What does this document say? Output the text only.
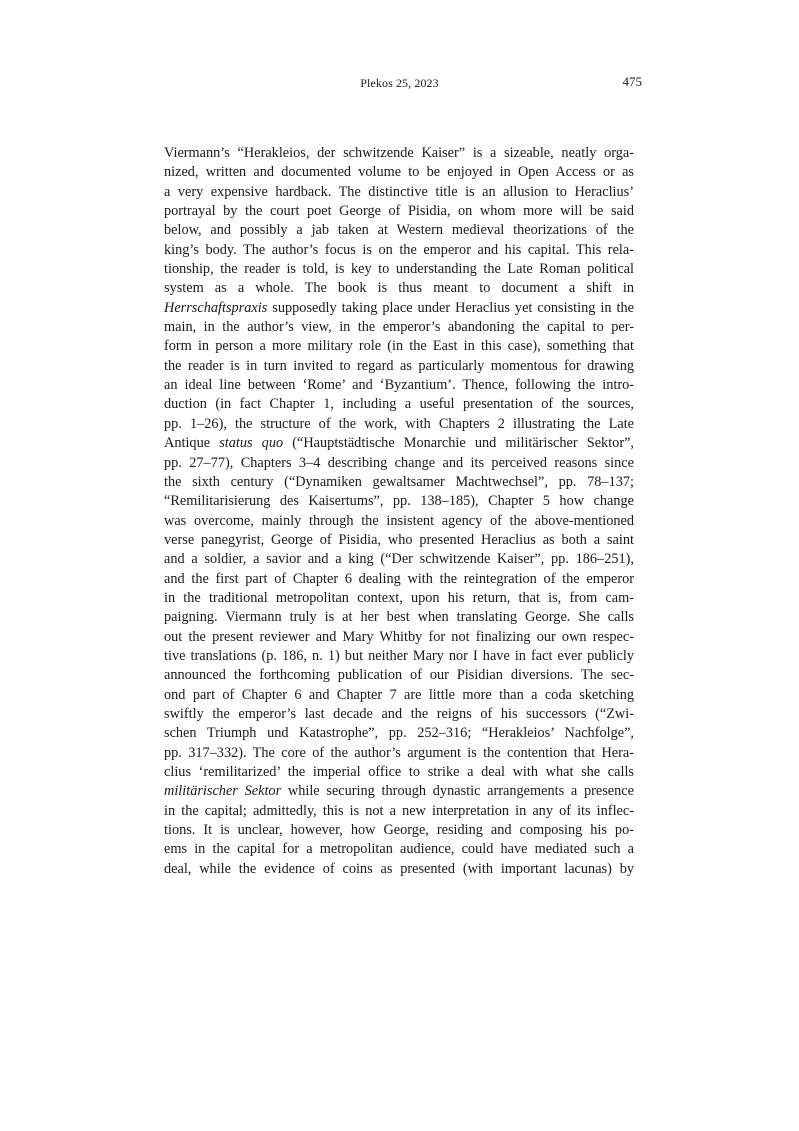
Plekos 25, 2023	475
Viermann’s “Herakleios, der schwitzende Kaiser” is a sizeable, neatly orga-
nized, written and documented volume to be enjoyed in Open Access or as
a very expensive hardback. The distinctive title is an allusion to Heraclius’
portrayal by the court poet George of Pisidia, on whom more will be said
below, and possibly a jab taken at Western medieval theorizations of the
king’s body. The author’s focus is on the emperor and his capital. This rela-
tionship, the reader is told, is key to understanding the Late Roman political
system as a whole. The book is thus meant to document a shift in
Herrschaftspraxis supposedly taking place under Heraclius yet consisting in the
main, in the author’s view, in the emperor’s abandoning the capital to per-
form in person a more military role (in the East in this case), something that
the reader is in turn invited to regard as particularly momentous for drawing
an ideal line between ‘Rome’ and ‘Byzantium’. Thence, following the intro-
duction (in fact Chapter 1, including a useful presentation of the sources,
pp. 1–26), the structure of the work, with Chapters 2 illustrating the Late
Antique status quo (“Hauptstädtische Monarchie und militärischer Sektor”,
pp. 27–77), Chapters 3–4 describing change and its perceived reasons since
the sixth century (“Dynamiken gewaltsamer Machtwechsel”, pp. 78–137;
“Remilitarisierung des Kaisertums”, pp. 138–185), Chapter 5 how change
was overcome, mainly through the insistent agency of the above-mentioned
verse panegyrist, George of Pisidia, who presented Heraclius as both a saint
and a soldier, a savior and a king (“Der schwitzende Kaiser”, pp. 186–251),
and the first part of Chapter 6 dealing with the reintegration of the emperor
in the traditional metropolitan context, upon his return, that is, from cam-
paigning. Viermann truly is at her best when translating George. She calls
out the present reviewer and Mary Whitby for not finalizing our own respec-
tive translations (p. 186, n. 1) but neither Mary nor I have in fact ever publicly
announced the forthcoming publication of our Pisidian diversions. The sec-
ond part of Chapter 6 and Chapter 7 are little more than a coda sketching
swiftly the emperor’s last decade and the reigns of his successors (“Zwi-
schen Triumph und Katastrophe”, pp. 252–316; “Herakleios’ Nachfolge”,
pp. 317–332). The core of the author’s argument is the contention that Hera-
clius ‘remilitarized’ the imperial office to strike a deal with what she calls
militärischer Sektor while securing through dynastic arrangements a presence
in the capital; admittedly, this is not a new interpretation in any of its inflec-
tions. It is unclear, however, how George, residing and composing his po-
ems in the capital for a metropolitan audience, could have mediated such a
deal, while the evidence of coins as presented (with important lacunas) by
